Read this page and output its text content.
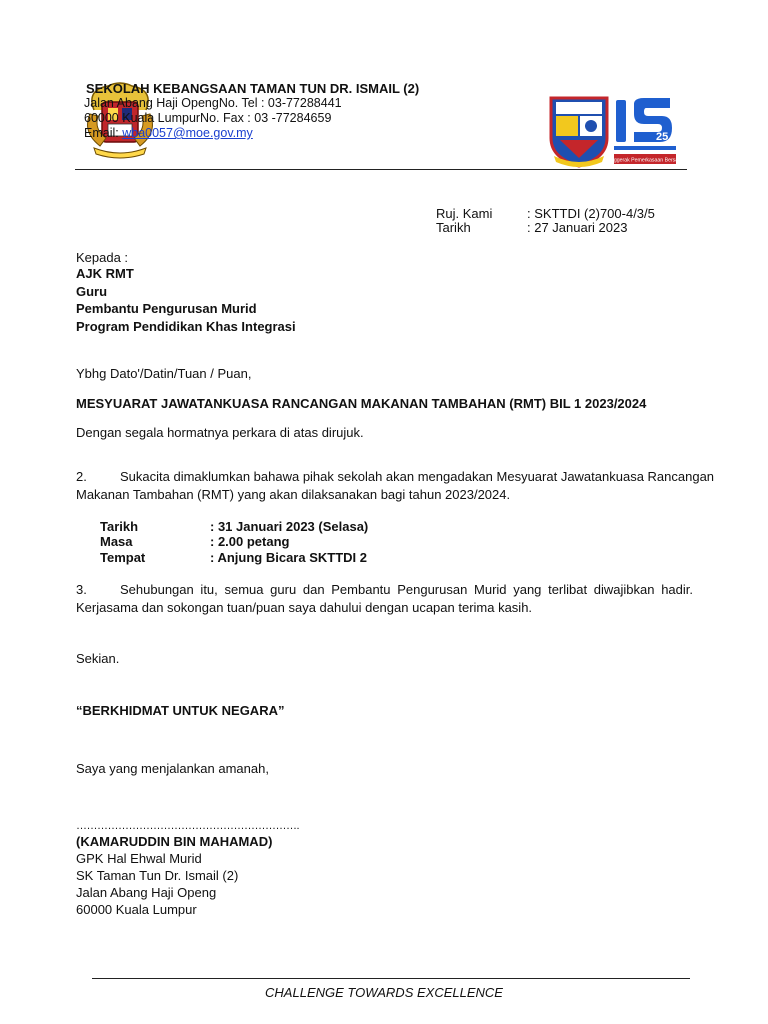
SEKOLAH KEBANGSAAN TAMAN TUN DR. ISMAIL (2)
Jalan Abang Haji OpengNo. Tel : 03-77288441
60000 Kuala LumpurNo. Fax : 03 -77284659
Email: wba0057@moe.gov.my	25
Penggerak Pemerkasaan Bersama
Ruj. Kami	: SKTTDI (2)700-4/3/5
Tarikh	: 27 Januari 2023
Kepada :
AJK RMT
Guru
Pembantu Pengurusan Murid
Program Pendidikan Khas Integrasi
Ybhg Dato'/Datin/Tuan / Puan,
MESYUARAT JAWATANKUASA RANCANGAN MAKANAN TAMBAHAN (RMT) BIL 1 2023/2024
Dengan segala hormatnya perkara di atas dirujuk.
2.	Sukacita dimaklumkan bahawa pihak sekolah akan mengadakan Mesyuarat Jawatankuasa Rancangan
Makanan Tambahan (RMT) yang akan dilaksanakan bagi tahun 2023/2024.
Tarikh	: 31 Januari 2023 (Selasa)
Masa	: 2.00 petang
Tempat	: Anjung Bicara SKTTDI 2
3.	Sehubungan itu, semua guru dan Pembantu Pengurusan Murid yang terlibat diwajibkan hadir.
Kerjasama dan sokongan tuan/puan saya dahului dengan ucapan terima kasih.
Sekian.
“BERKHIDMAT UNTUK NEGARA”
Saya yang menjalankan amanah,
……………………………………………………….
(KAMARUDDIN BIN MAHAMAD)
GPK Hal Ehwal Murid
SK Taman Tun Dr. Ismail (2)
Jalan Abang Haji Openg
60000 Kuala Lumpur
CHALLENGE TOWARDS EXCELLENCE
